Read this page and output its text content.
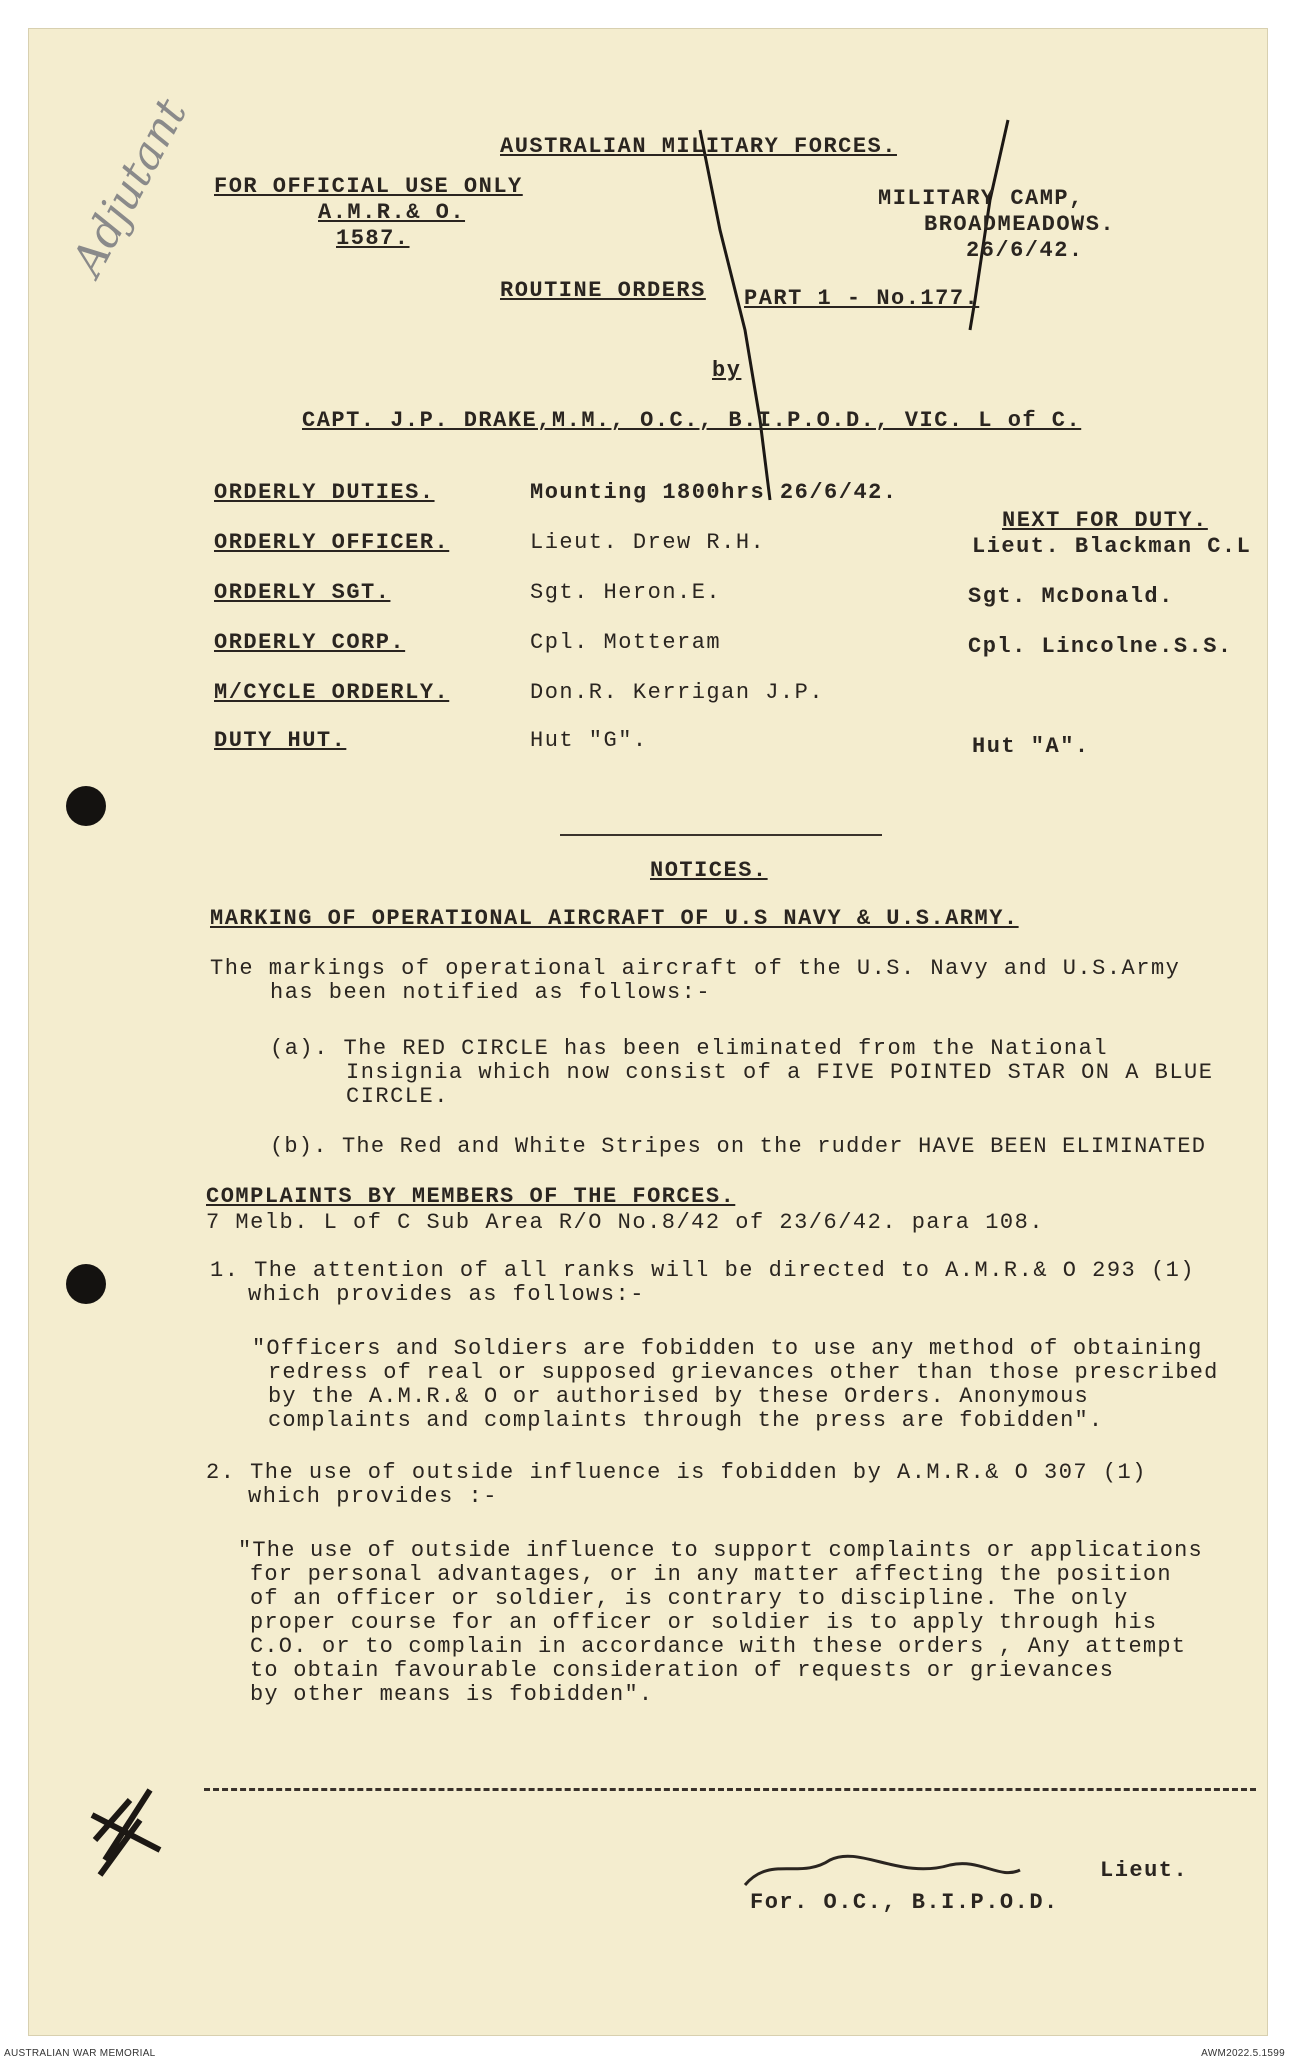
Adjutant	AUSTRALIAN MILITARY FORCES.
FOR OFFICIAL USE ONLY
A.M.R.& O.
1587.
MILITARY CAMP,
BROADMEADOWS.
26/6/42.
ROUTINE ORDERS PART 1 - No.177.
by
CAPT. J.P. DRAKE,M.M., O.C., B.I.P.O.D., VIC. L of C.
NEXT FOR DUTY.
ORDERLY DUTIES.	Mounting 1800hrs 26/6/42.
ORDERLY OFFICER.	Lieut. Drew R.H.	Lieut. Blackman C.L
ORDERLY SGT.	Sgt. Heron.E.	Sgt. McDonald.
ORDERLY CORP.	Cpl. Motteram	Cpl. Lincolne.S.S.
M/CYCLE ORDERLY.	Don.R. Kerrigan J.P.
DUTY HUT.	Hut "G".	Hut "A".
NOTICES.
MARKING OF OPERATIONAL AIRCRAFT OF U.S NAVY & U.S.ARMY.
The markings of operational aircraft of the U.S. Navy and U.S.Army
has been notified as follows:-
(a). The RED CIRCLE has been eliminated from the National
Insignia which now consist of a FIVE POINTED STAR ON A BLUE
CIRCLE.
(b). The Red and White Stripes on the rudder HAVE BEEN ELIMINATED
COMPLAINTS BY MEMBERS OF THE FORCES.
7 Melb. L of C Sub Area R/O No.8/42 of 23/6/42. para 108.
1. The attention of all ranks will be directed to A.M.R.& O 293 (1)
which provides as follows:-
"Officers and Soldiers are fobidden to use any method of obtaining
redress of real or supposed grievances other than those prescribed
by the A.M.R.& O or authorised by these Orders. Anonymous
complaints and complaints through the press are fobidden".
2. The use of outside influence is fobidden by A.M.R.& O 307 (1)
which provides :-
"The use of outside influence to support complaints or applications
for personal advantages, or in any matter affecting the position
of an officer or soldier, is contrary to discipline. The only
proper course for an officer or soldier is to apply through his
C.O. or to complain in accordance with these orders , Any attempt
to obtain favourable consideration of requests or grievances
by other means is fobidden".
Lieut.
For. O.C., B.I.P.O.D.
AUSTRALIAN WAR MEMORIAL	AWM2022.5.1599
